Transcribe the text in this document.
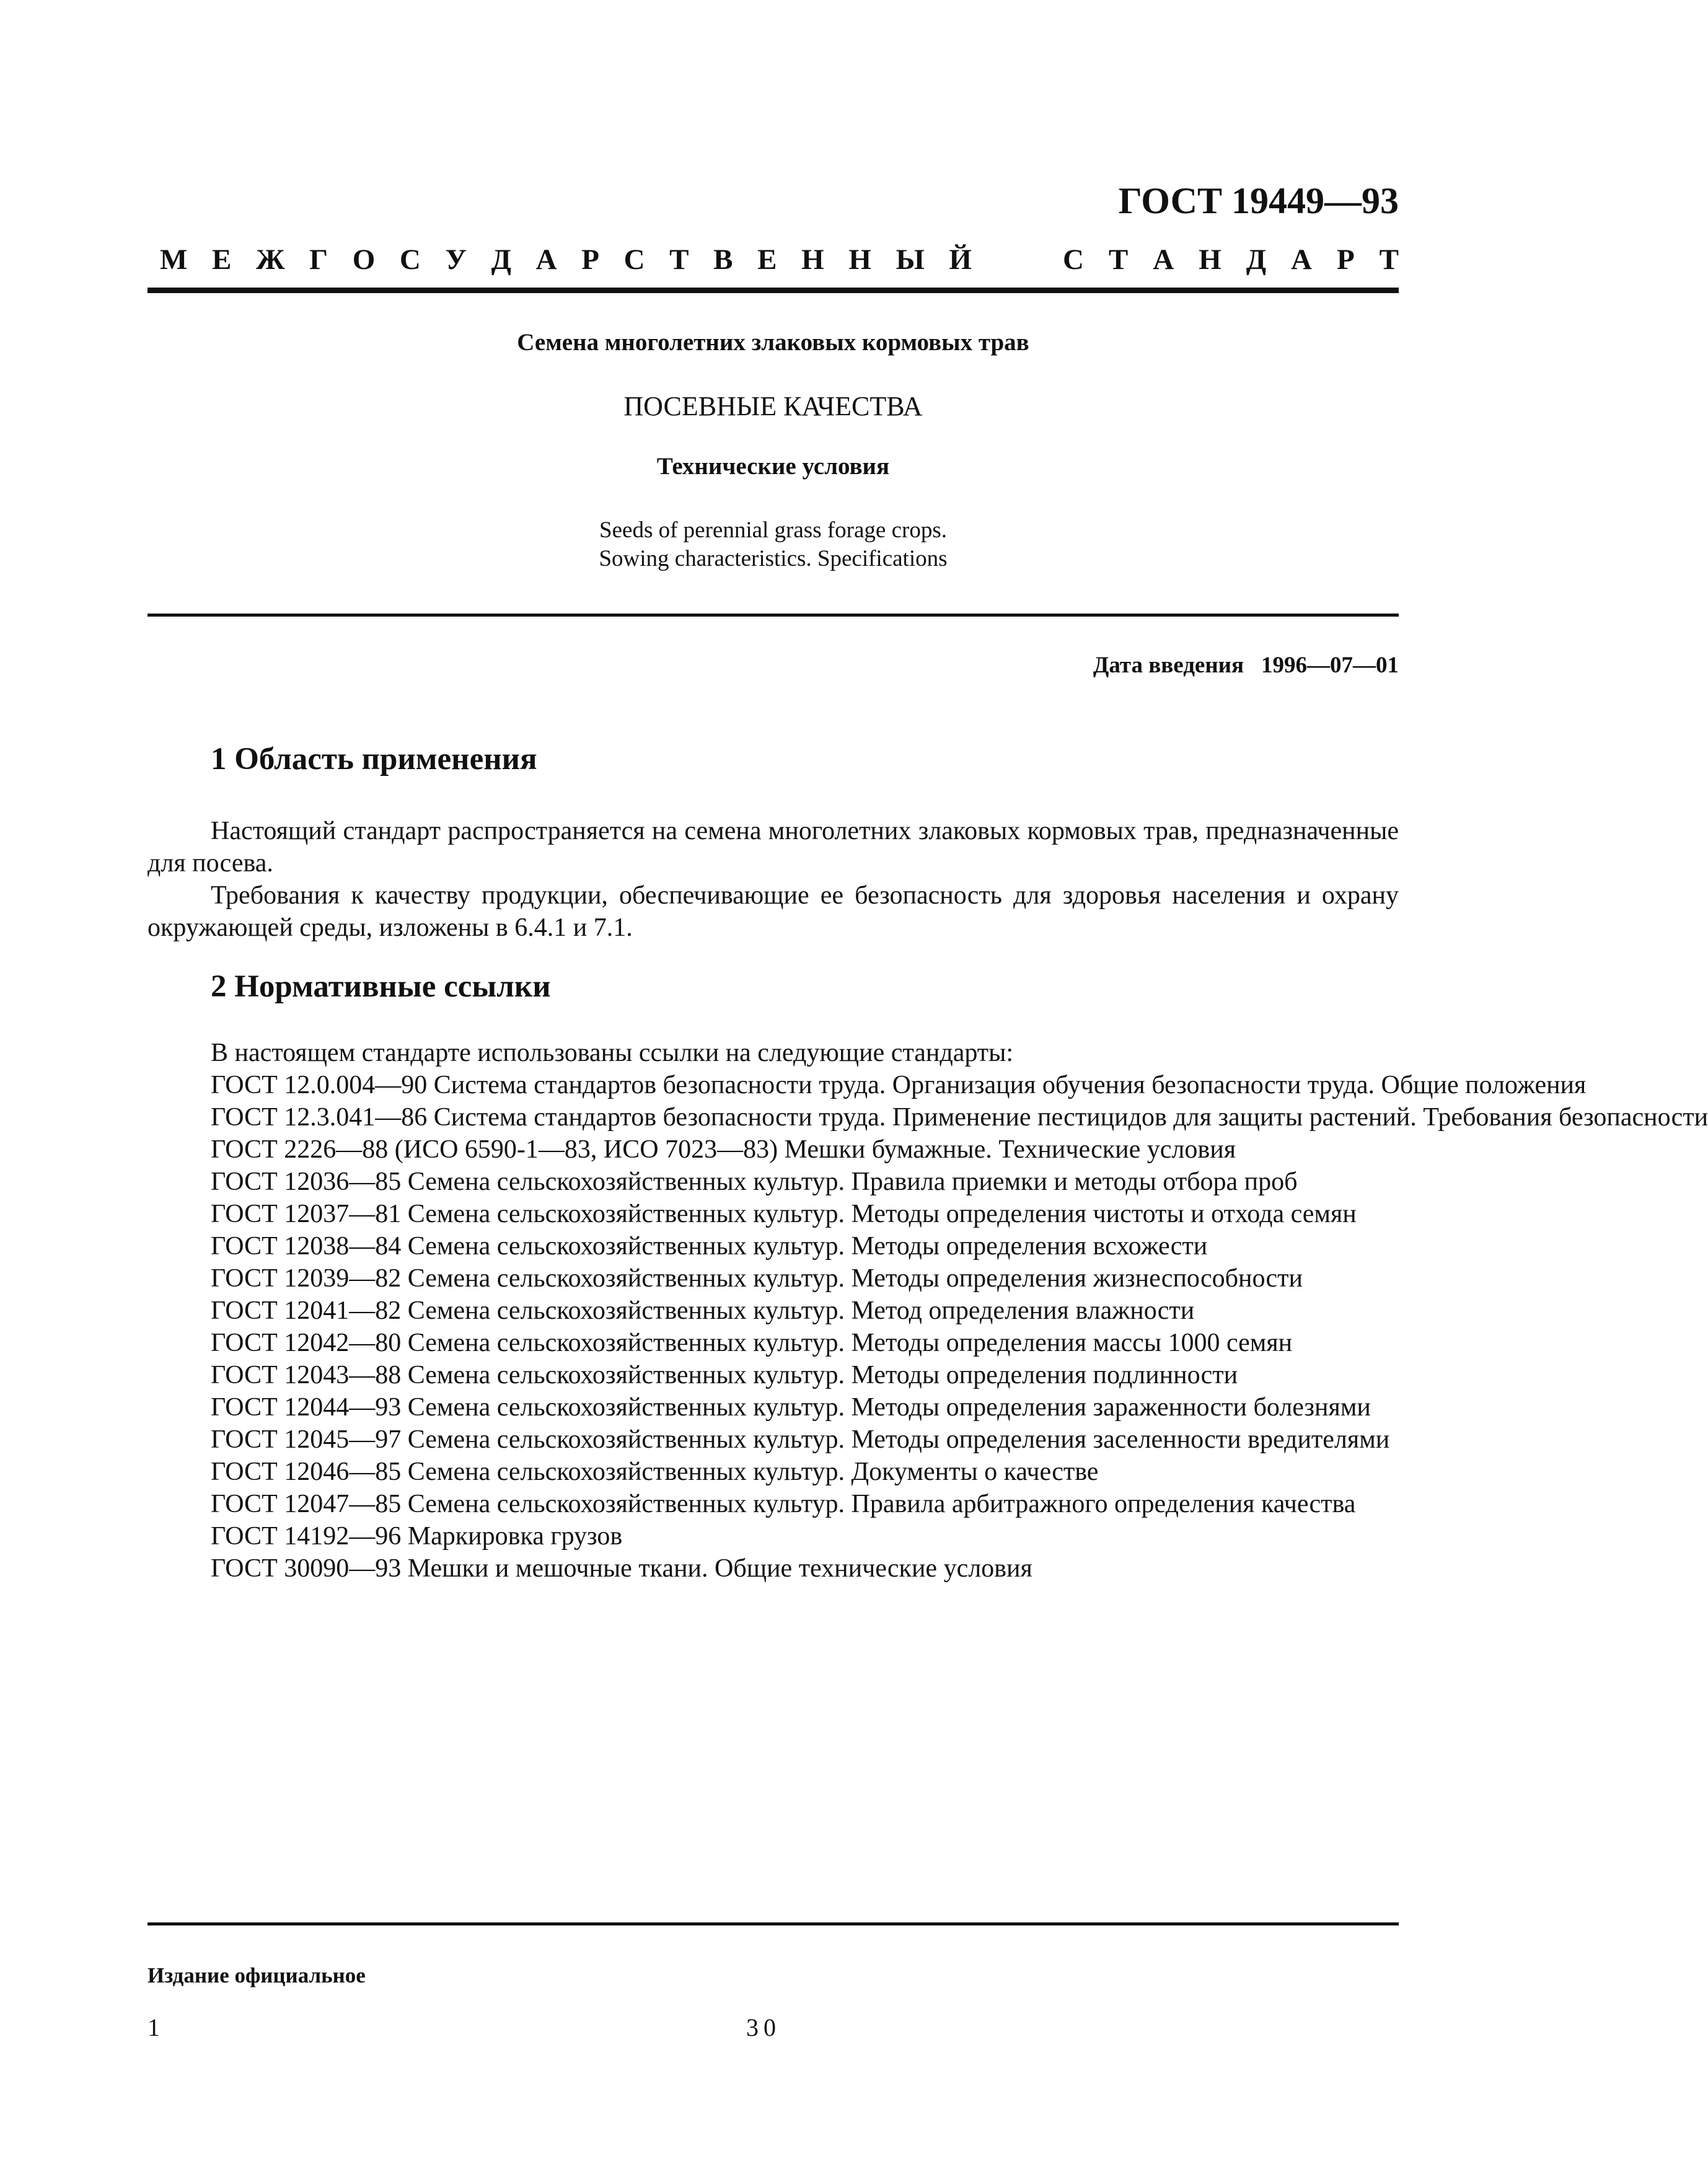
ГОСТ 19449—93
М Е Ж Г О С У Д А Р С Т В Е Н Н Ы Й	С Т А Н Д А Р Т
Семена многолетних злаковых кормовых трав
ПОСЕВНЫЕ КАЧЕСТВА
Технические условия
Seeds of perennial grass forage crops.
Sowing characteristics. Specifications
Дата введения 1996—07—01
1 Область применения
Настоящий стандарт распространяется на семена многолетних злаковых кормовых трав, предназначенные для посева.
Требования к качеству продукции, обеспечивающие ее безопасность для здоровья населения и охрану окружающей среды, изложены в 6.4.1 и 7.1.
2 Нормативные ссылки

В настоящем стандарте использованы ссылки на следующие стандарты:

ГОСТ 12.0.004—90 Система стандартов безопасности труда. Организация обучения безопасности труда. Общие положения

ГОСТ 12.3.041—86 Система стандартов безопасности труда. Применение пестицидов для защиты растений. Требования безопасности

ГОСТ 2226—88 (ИСО 6590-1—83, ИСО 7023—83) Мешки бумажные. Технические условия

ГОСТ 12036—85 Семена сельскохозяйственных культур. Правила приемки и методы отбора проб

ГОСТ 12037—81 Семена сельскохозяйственных культур. Методы определения чистоты и отхода семян

ГОСТ 12038—84 Семена сельскохозяйственных культур. Методы определения всхожести

ГОСТ 12039—82 Семена сельскохозяйственных культур. Методы определения жизнеспособности

ГОСТ 12041—82 Семена сельскохозяйственных культур. Метод определения влажности

ГОСТ 12042—80 Семена сельскохозяйственных культур. Методы определения массы 1000 семян

ГОСТ 12043—88 Семена сельскохозяйственных культур. Методы определения подлинности

ГОСТ 12044—93 Семена сельскохозяйственных культур. Методы определения зараженности болезнями

ГОСТ 12045—97 Семена сельскохозяйственных культур. Методы определения заселенности вредителями

ГОСТ 12046—85 Семена сельскохозяйственных культур. Документы о качестве

ГОСТ 12047—85 Семена сельскохозяйственных культур. Правила арбитражного определения качества

ГОСТ 14192—96 Маркировка грузов

ГОСТ 30090—93 Мешки и мешочные ткани. Общие технические условия

Издание официальное
1	30
